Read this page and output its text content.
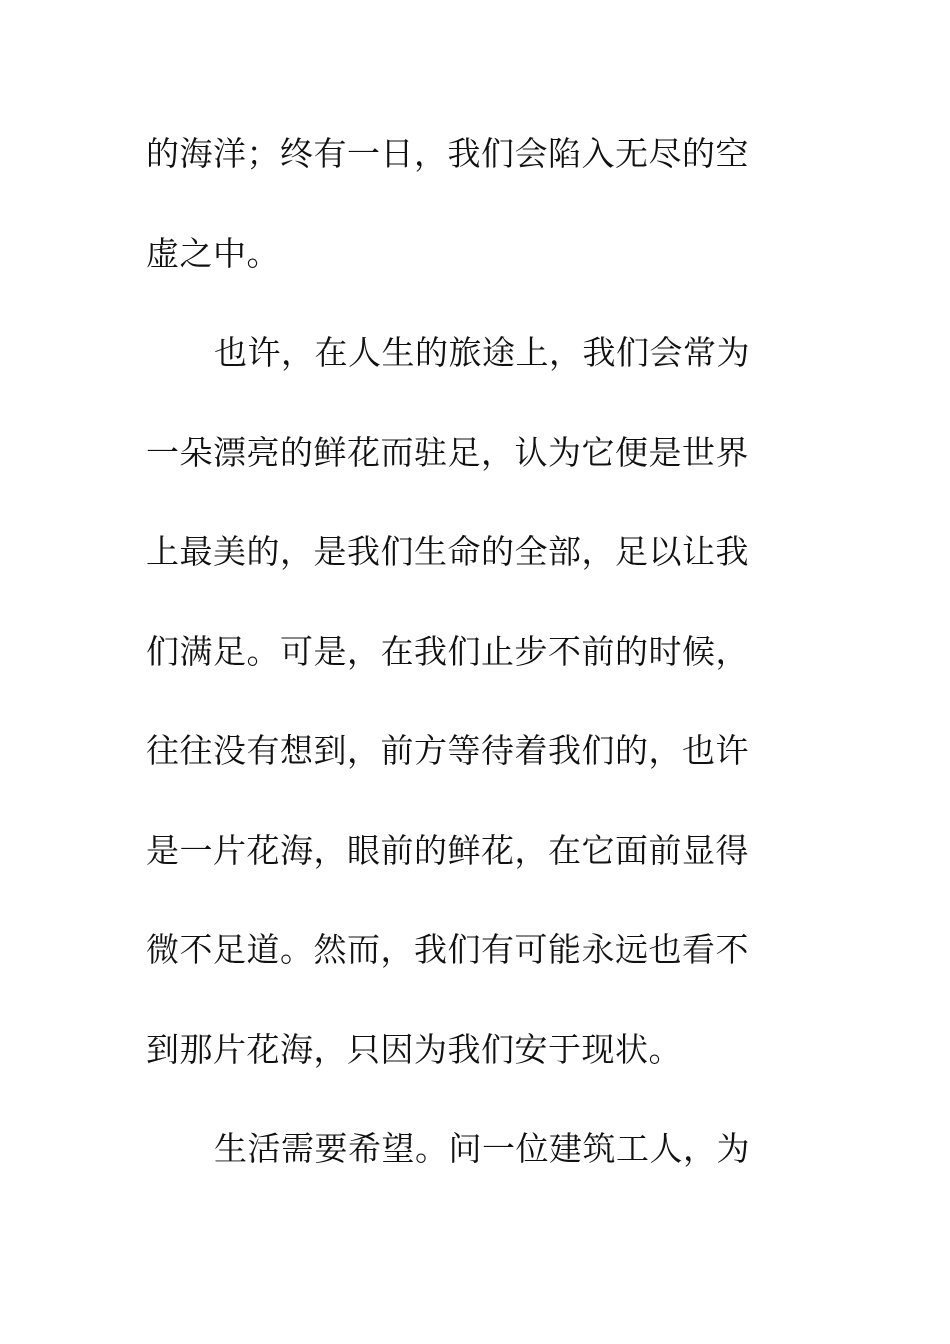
的海洋；终有一日，我们会陷入无尽的空
虚之中。
也许，在人生的旅途上，我们会常为
一朵漂亮的鲜花而驻足，认为它便是世界
上最美的，是我们生命的全部，足以让我
们满足。可是，在我们止步不前的时候，
往往没有想到，前方等待着我们的，也许
是一片花海，眼前的鲜花，在它面前显得
微不足道。然而，我们有可能永远也看不
到那片花海，只因为我们安于现状。
生活需要希望。问一位建筑工人，为
